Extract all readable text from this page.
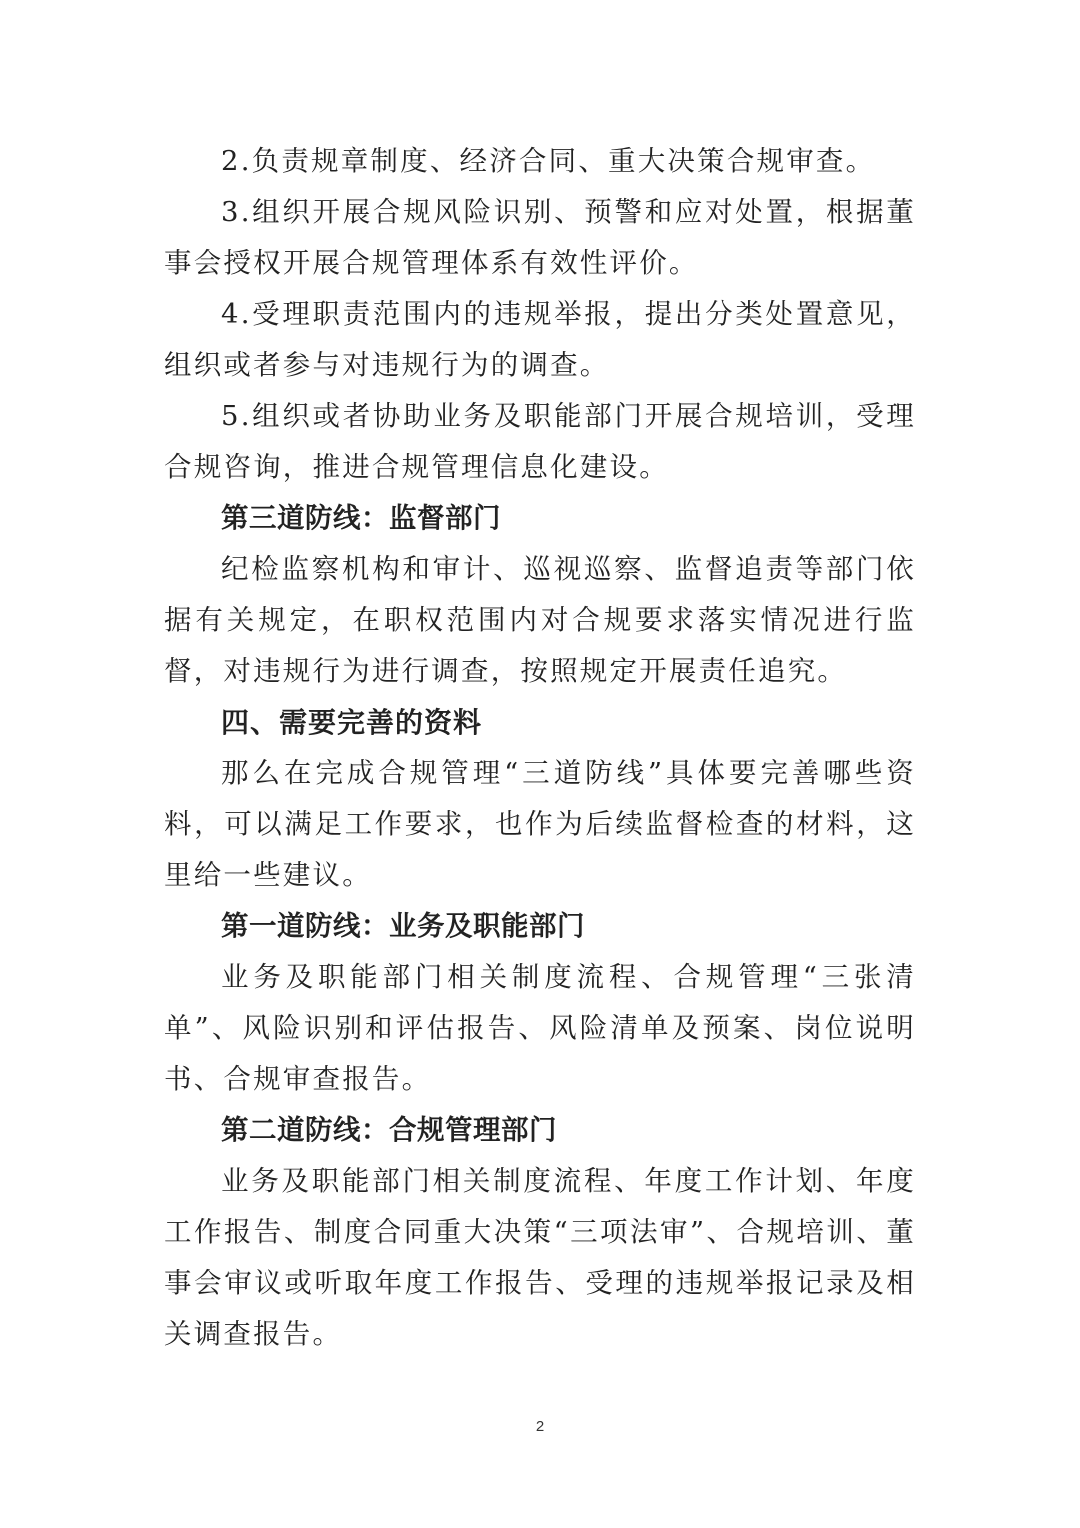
2.负责规章制度、经济合同、重大决策合规审查。

3.组织开展合规风险识别、预警和应对处置，根据董事会授权开展合规管理体系有效性评价。

4.受理职责范围内的违规举报，提出分类处置意见，组织或者参与对违规行为的调查。

5.组织或者协助业务及职能部门开展合规培训，受理合规咨询，推进合规管理信息化建设。

第三道防线：监督部门

纪检监察机构和审计、巡视巡察、监督追责等部门依据有关规定，在职权范围内对合规要求落实情况进行监督，对违规行为进行调查，按照规定开展责任追究。

四、需要完善的资料

那么在完成合规管理“三道防线”具体要完善哪些资料，可以满足工作要求，也作为后续监督检查的材料，这里给一些建议。

第一道防线：业务及职能部门

业务及职能部门相关制度流程、合规管理“三张清单”、风险识别和评估报告、风险清单及预案、岗位说明书、合规审查报告。

第二道防线：合规管理部门

业务及职能部门相关制度流程、年度工作计划、年度工作报告、制度合同重大决策“三项法审”、合规培训、董事会审议或听取年度工作报告、受理的违规举报记录及相关调查报告。

2
